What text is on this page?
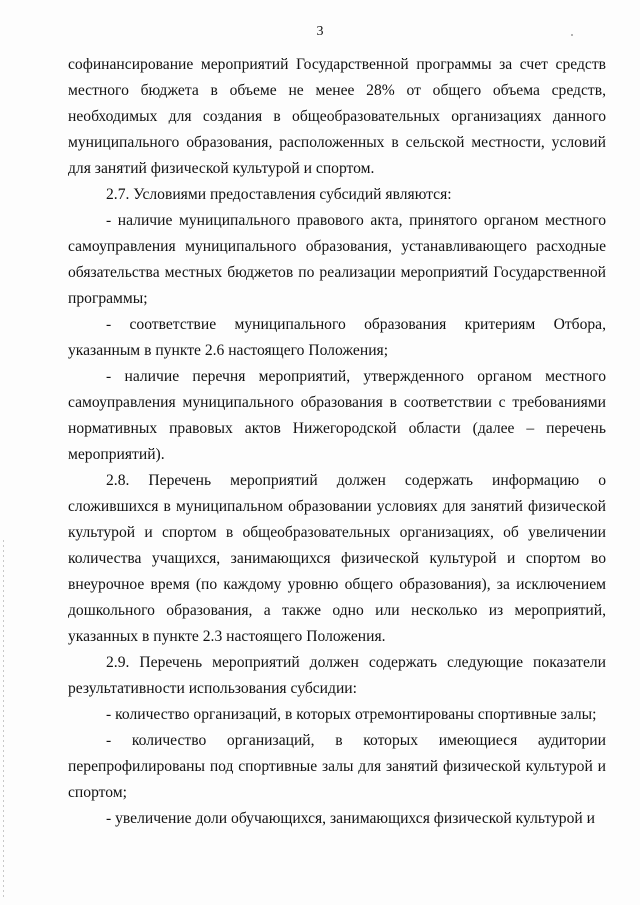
3

софинансирование мероприятий Государственной программы за счет средств местного бюджета в объеме не менее 28% от общего объема средств, необходимых для создания в общеобразовательных организациях данного муниципального образования, расположенных в сельской местности, условий для занятий физической культурой и спортом.

2.7. Условиями предоставления субсидий являются:

- наличие муниципального правового акта, принятого органом местного самоуправления муниципального образования, устанавливающего расходные обязательства местных бюджетов по реализации мероприятий Государственной программы;

- соответствие муниципального образования критериям Отбора, указанным в пункте 2.6 настоящего Положения;

- наличие перечня мероприятий, утвержденного органом местного самоуправления муниципального образования в соответствии с требованиями нормативных правовых актов Нижегородской области (далее – перечень мероприятий).

2.8. Перечень мероприятий должен содержать информацию о сложившихся в муниципальном образовании условиях для занятий физической культурой и спортом в общеобразовательных организациях, об увеличении количества учащихся, занимающихся физической культурой и спортом во внеурочное время (по каждому уровню общего образования), за исключением дошкольного образования, а также одно или несколько из мероприятий, указанных в пункте 2.3 настоящего Положения.

2.9. Перечень мероприятий должен содержать следующие показатели результативности использования субсидии:

- количество организаций, в которых отремонтированы спортивные залы;

- количество организаций, в которых имеющиеся аудитории перепрофилированы под спортивные залы для занятий физической культурой и спортом;

- увеличение доли обучающихся, занимающихся физической культурой и
